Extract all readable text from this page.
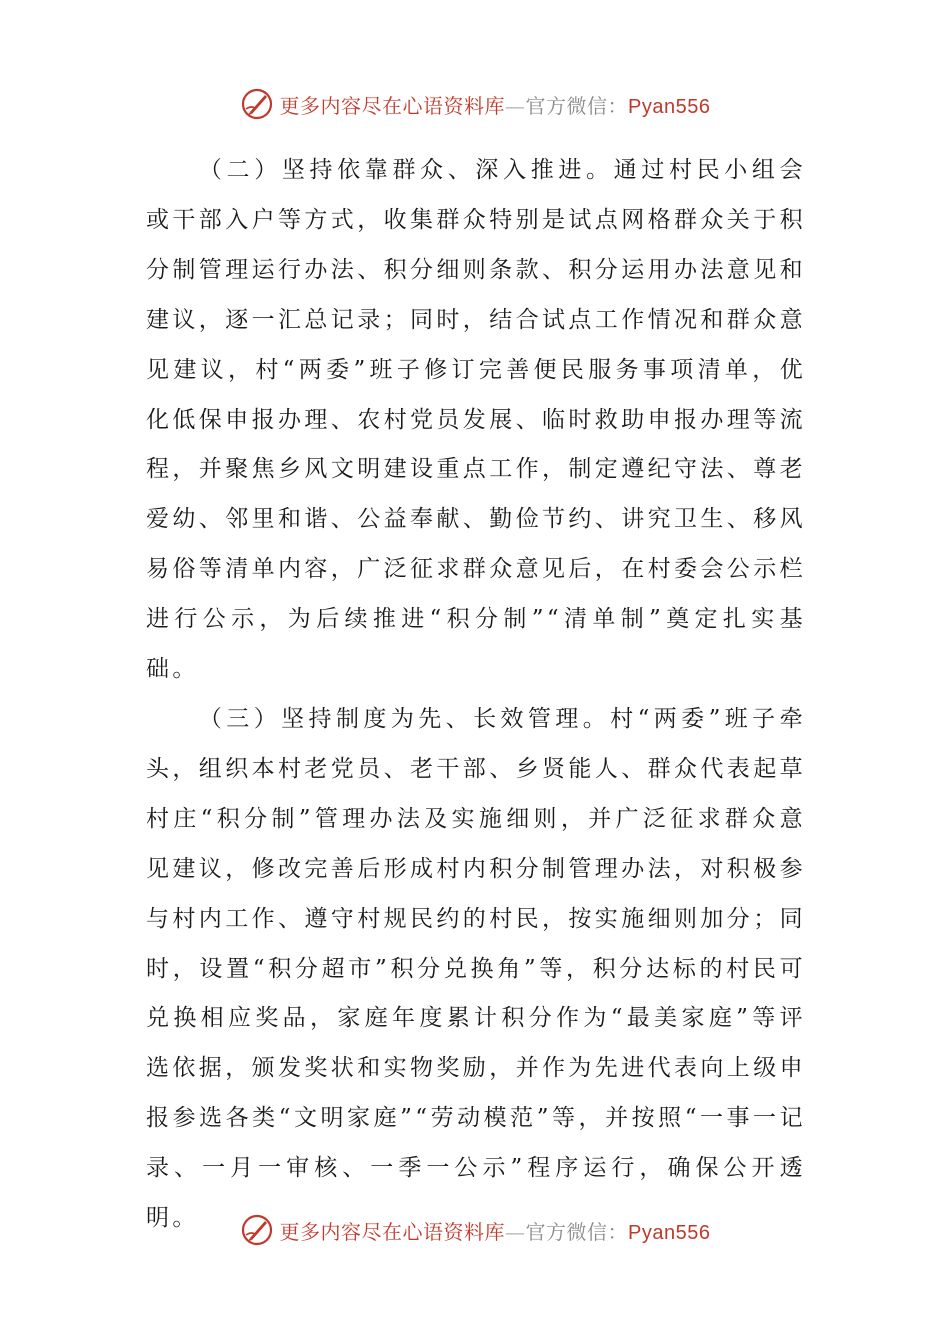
更多内容尽在心语资料库—官方微信：Pyan556

（二）坚持依靠群众、深入推进。通过村民小组会或干部入户等方式，收集群众特别是试点网格群众关于积分制管理运行办法、积分细则条款、积分运用办法意见和建议，逐一汇总记录；同时，结合试点工作情况和群众意见建议，村“两委”班子修订完善便民服务事项清单，优化低保申报办理、农村党员发展、临时救助申报办理等流程，并聚焦乡风文明建设重点工作，制定遵纪守法、尊老爱幼、邻里和谐、公益奉献、勤俭节约、讲究卫生、移风易俗等清单内容，广泛征求群众意见后，在村委会公示栏进行公示，为后续推进“积分制”“清单制”奠定扎实基础。

（三）坚持制度为先、长效管理。村“两委”班子牵头，组织本村老党员、老干部、乡贤能人、群众代表起草村庄“积分制”管理办法及实施细则，并广泛征求群众意见建议，修改完善后形成村内积分制管理办法，对积极参与村内工作、遵守村规民约的村民，按实施细则加分；同时，设置“积分超市”积分兑换角”等，积分达标的村民可兑换相应奖品，家庭年度累计积分作为“最美家庭”等评选依据，颁发奖状和实物奖励，并作为先进代表向上级申报参选各类“文明家庭”“劳动模范”等，并按照“一事一记录、一月一审核、一季一公示”程序运行，确保公开透明。

更多内容尽在心语资料库—官方微信：Pyan556
